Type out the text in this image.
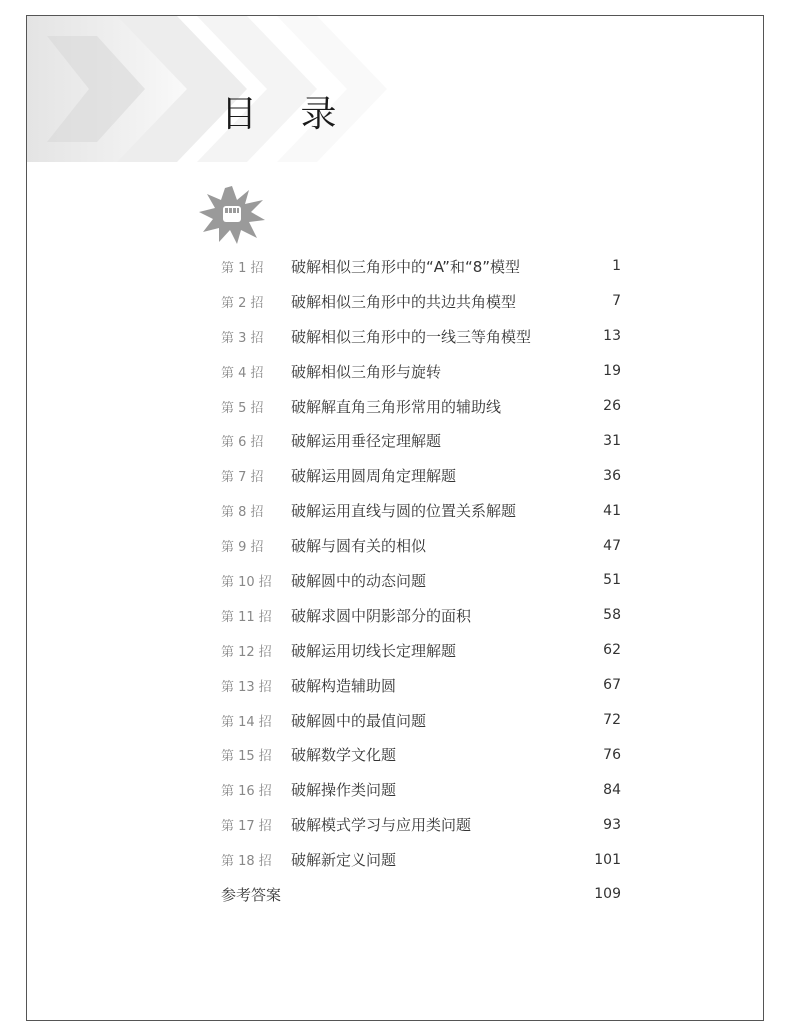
目 录
第 1 招	破解相似三角形中的“A”和“8”模型	1
第 2 招	破解相似三角形中的共边共角模型	7
第 3 招	破解相似三角形中的一线三等角模型	13
第 4 招	破解相似三角形与旋转	19
第 5 招	破解解直角三角形常用的辅助线	26
第 6 招	破解运用垂径定理解题	31
第 7 招	破解运用圆周角定理解题	36
第 8 招	破解运用直线与圆的位置关系解题	41
第 9 招	破解与圆有关的相似	47
第 10 招	破解圆中的动态问题	51
第 11 招	破解求圆中阴影部分的面积	58
第 12 招	破解运用切线长定理解题	62
第 13 招	破解构造辅助圆	67
第 14 招	破解圆中的最值问题	72
第 15 招	破解数学文化题	76
第 16 招	破解操作类问题	84
第 17 招	破解模式学习与应用类问题	93
第 18 招	破解新定义问题	101
参考答案	109
